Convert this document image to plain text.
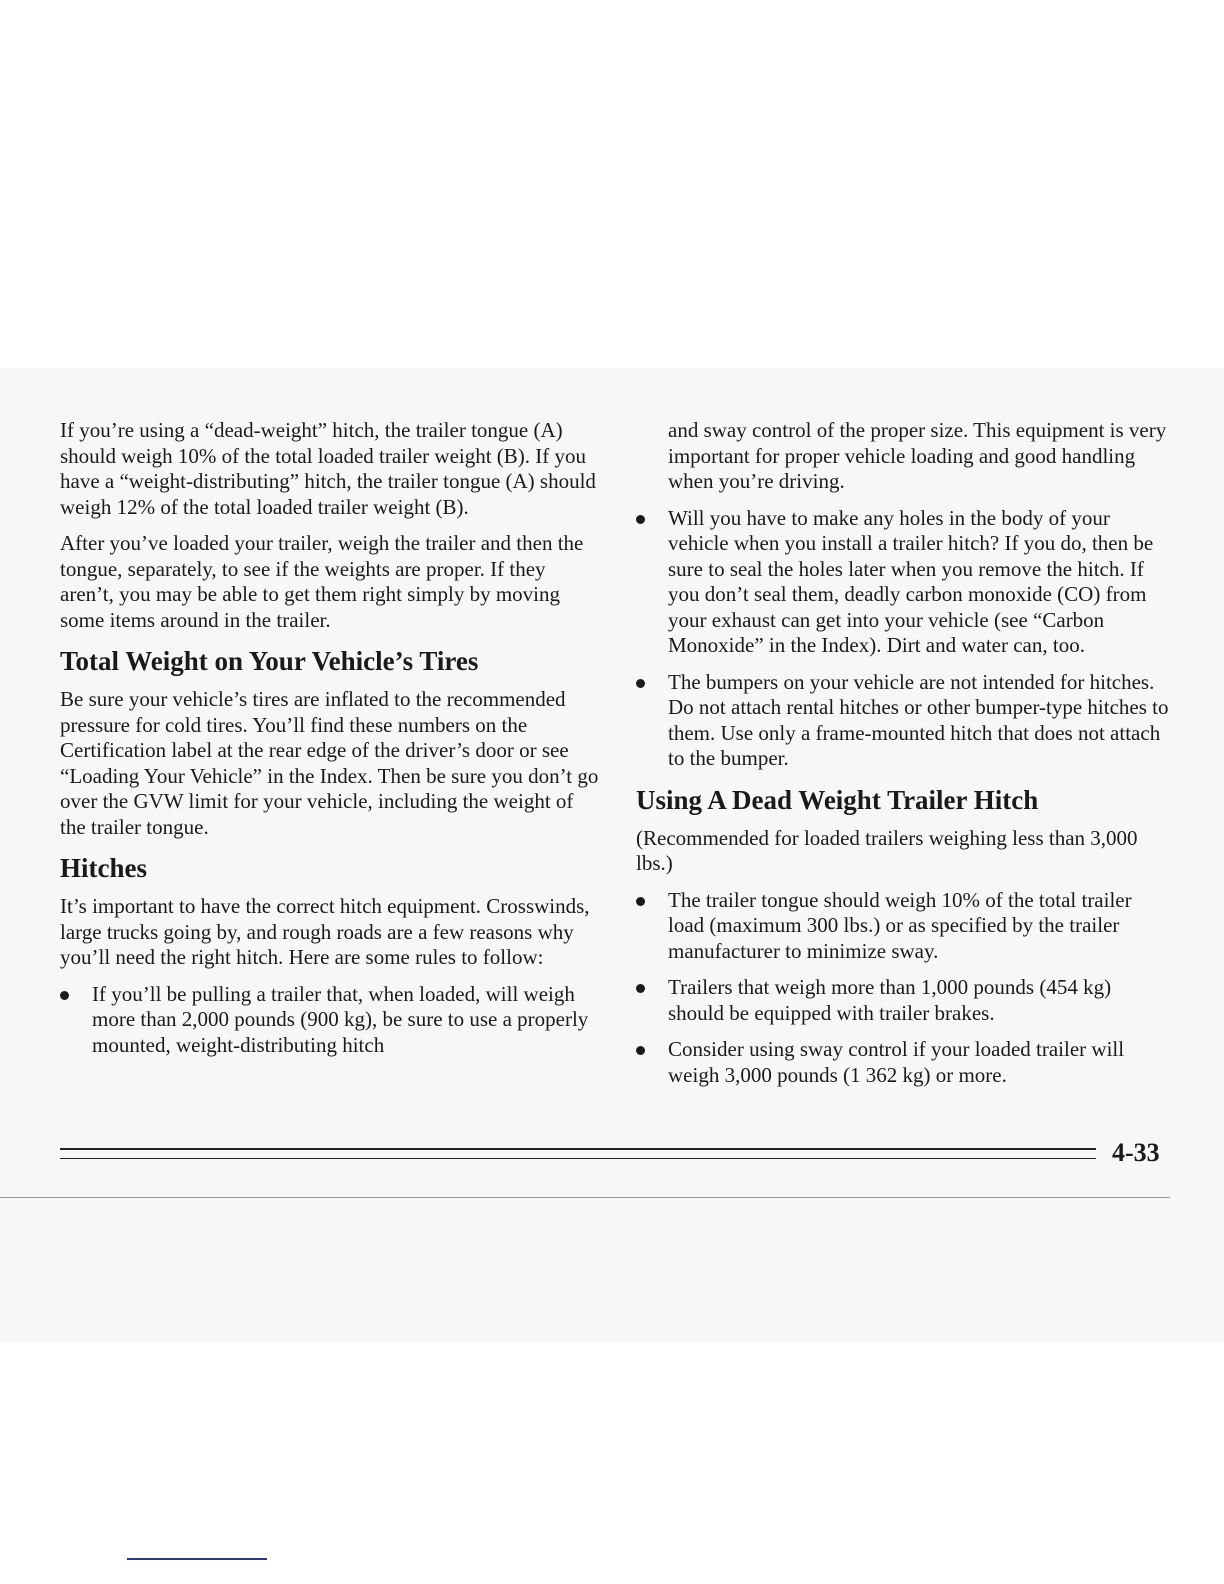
If you’re using a “dead-weight” hitch, the trailer tongue (A) should weigh 10% of the total loaded trailer weight (B). If you have a “weight-distributing” hitch, the trailer tongue (A) should weigh 12% of the total loaded trailer weight (B).

After you’ve loaded your trailer, weigh the trailer and then the tongue, separately, to see if the weights are proper. If they aren’t, you may be able to get them right simply by moving some items around in the trailer.

Total Weight on Your Vehicle’s Tires

Be sure your vehicle’s tires are inflated to the recommended pressure for cold tires. You’ll find these numbers on the Certification label at the rear edge of the driver’s door or see “Loading Your Vehicle” in the Index. Then be sure you don’t go over the GVW limit for your vehicle, including the weight of the trailer tongue.

Hitches

It’s important to have the correct hitch equipment. Crosswinds, large trucks going by, and rough roads are a few reasons why you’ll need the right hitch. Here are some rules to follow:

If you’ll be pulling a trailer that, when loaded, will weigh more than 2,000 pounds (900 kg), be sure to use a properly mounted, weight-distributing hitch

and sway control of the proper size. This equipment is very important for proper vehicle loading and good handling when you’re driving.

Will you have to make any holes in the body of your vehicle when you install a trailer hitch? If you do, then be sure to seal the holes later when you remove the hitch. If you don’t seal them, deadly carbon monoxide (CO) from your exhaust can get into your vehicle (see “Carbon Monoxide” in the Index). Dirt and water can, too.
The bumpers on your vehicle are not intended for hitches. Do not attach rental hitches or other bumper-type hitches to them. Use only a frame-mounted hitch that does not attach to the bumper.
Using A Dead Weight Trailer Hitch

(Recommended for loaded trailers weighing less than 3,000 lbs.)

The trailer tongue should weigh 10% of the total trailer load (maximum 300 lbs.) or as specified by the trailer manufacturer to minimize sway.
Trailers that weigh more than 1,000 pounds (454 kg) should be equipped with trailer brakes.
Consider using sway control if your loaded trailer will weigh 3,000 pounds (1 362 kg) or more.
4-33
